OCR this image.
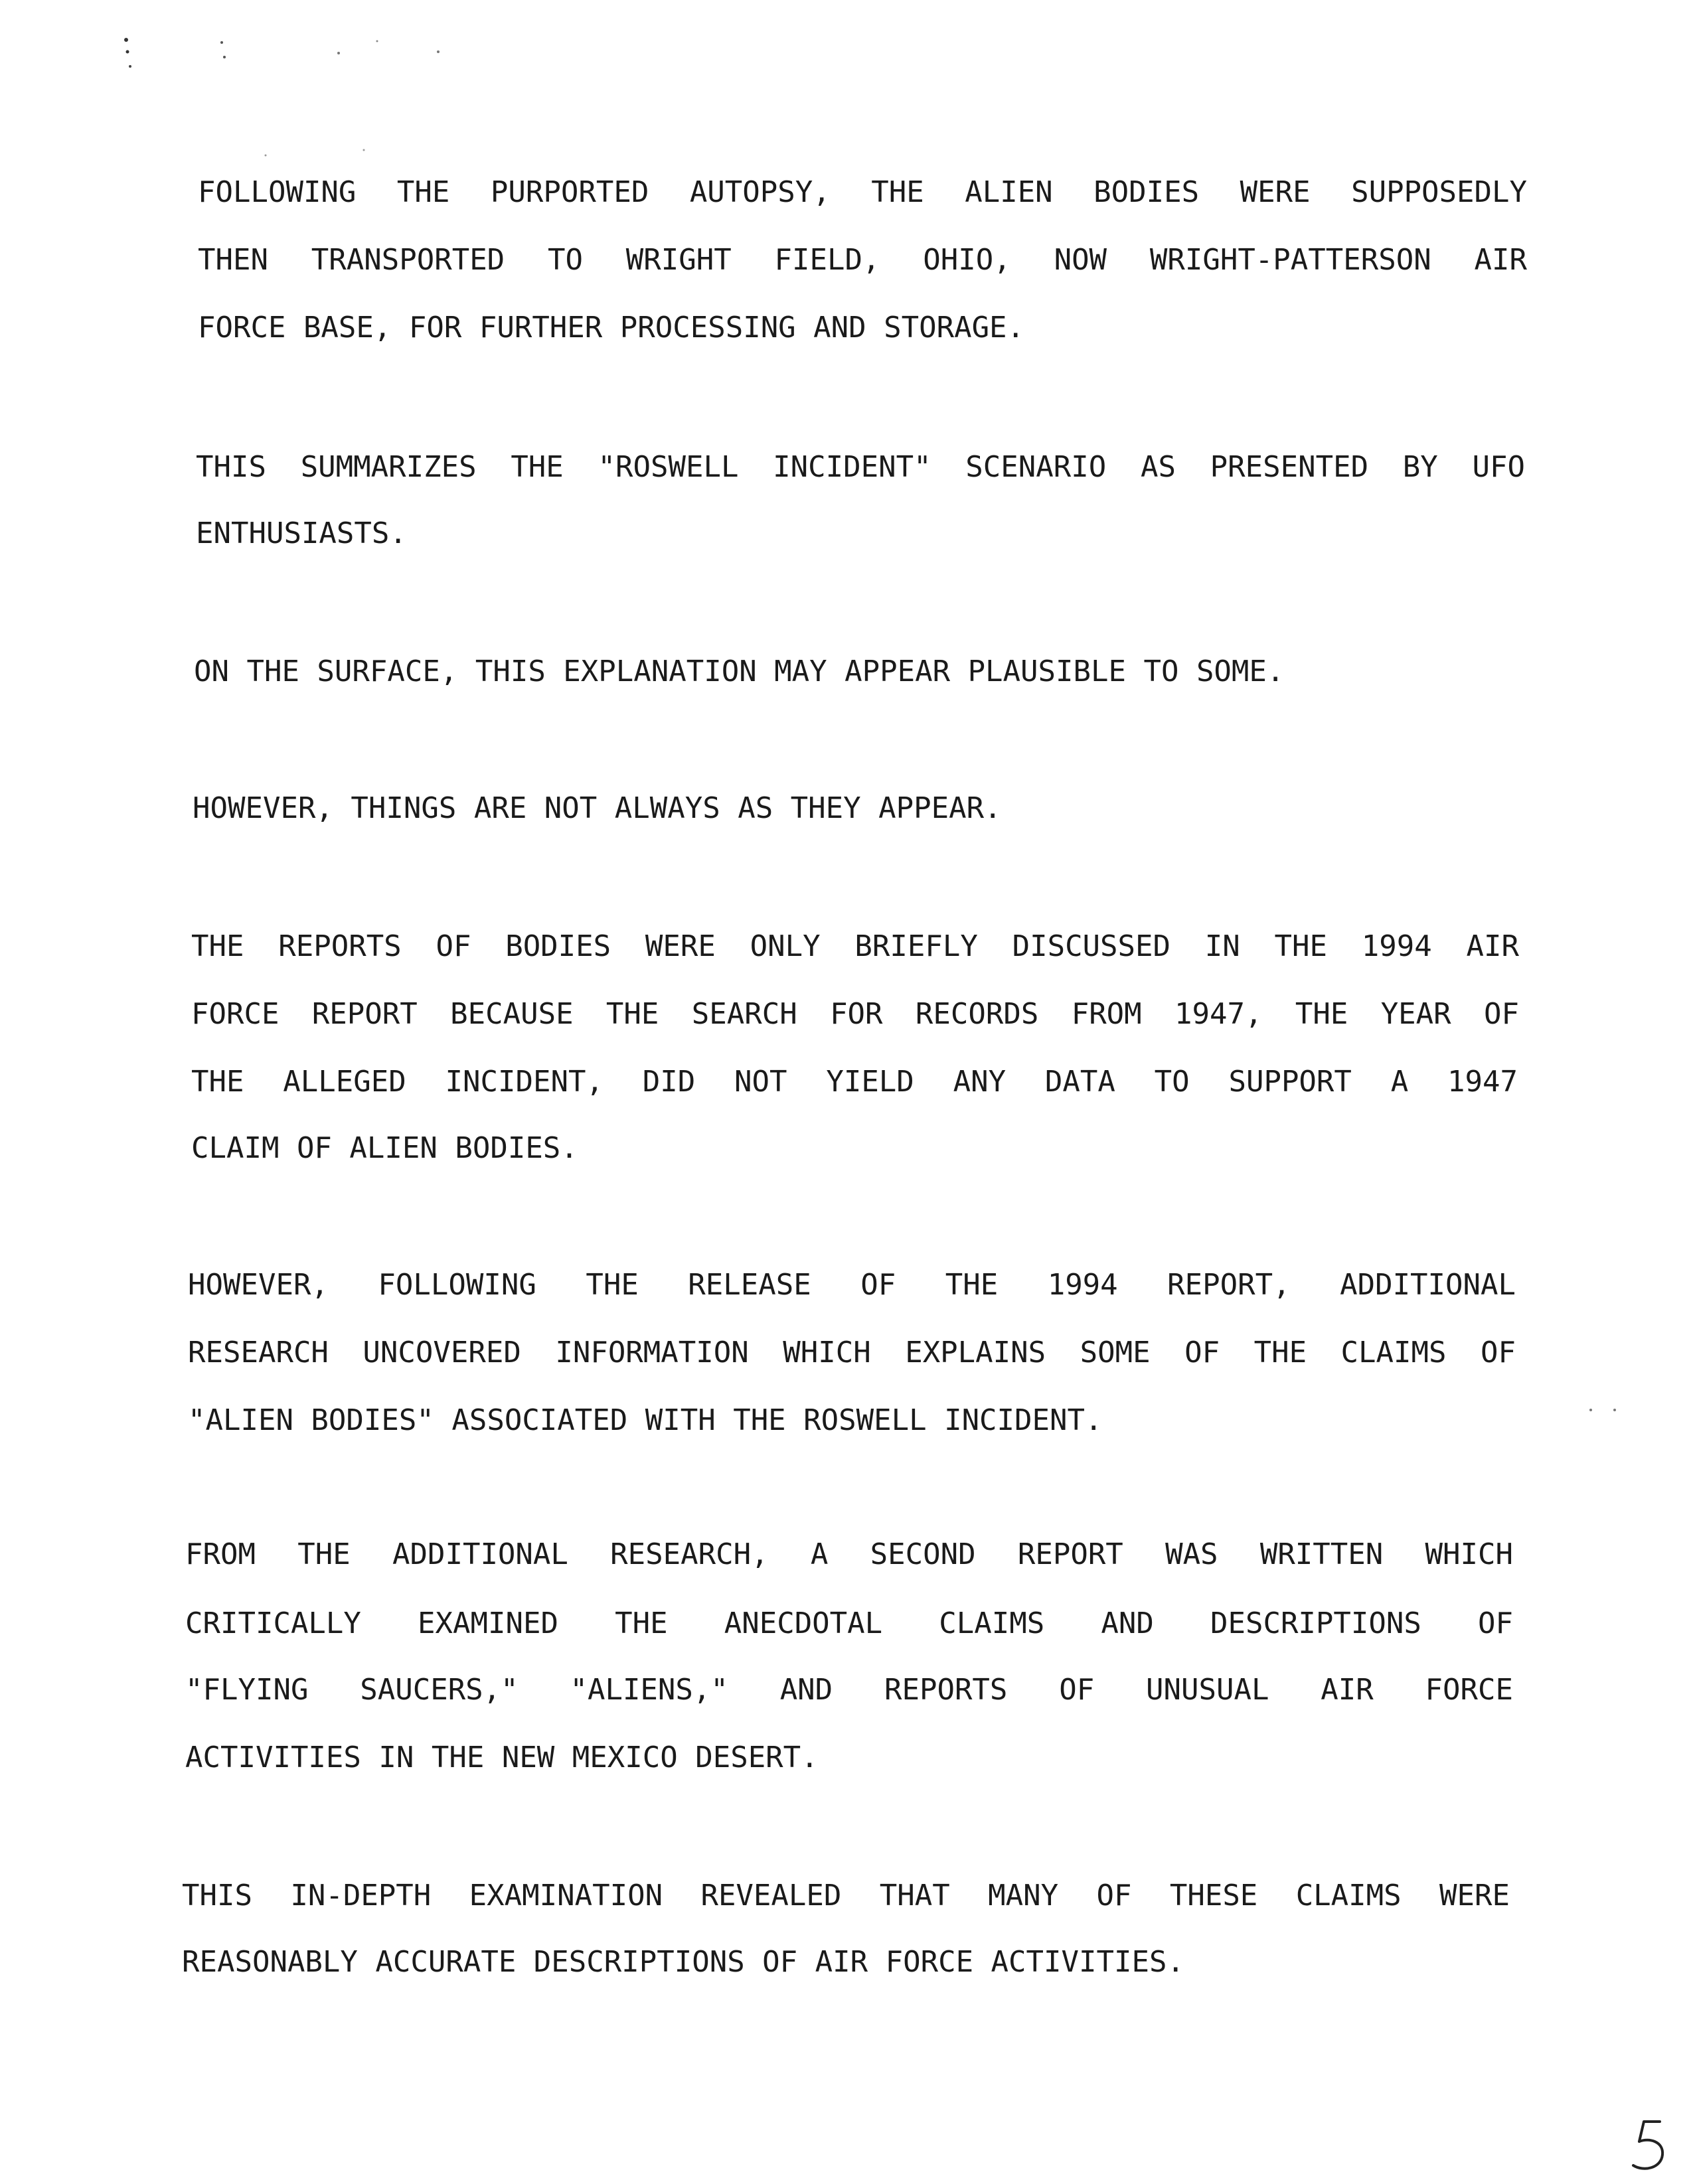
FOLLOWING THE PURPORTED AUTOPSY, THE ALIEN BODIES WERE SUPPOSEDLY
THEN TRANSPORTED TO WRIGHT FIELD, OHIO, NOW WRIGHT-PATTERSON AIR
FORCE BASE, FOR FURTHER PROCESSING AND STORAGE.
THIS SUMMARIZES THE "ROSWELL INCIDENT" SCENARIO AS PRESENTED BY UFO
ENTHUSIASTS.
ON THE SURFACE, THIS EXPLANATION MAY APPEAR PLAUSIBLE TO SOME.
HOWEVER, THINGS ARE NOT ALWAYS AS THEY APPEAR.
THE REPORTS OF BODIES WERE ONLY BRIEFLY DISCUSSED IN THE 1994 AIR
FORCE REPORT BECAUSE THE SEARCH FOR RECORDS FROM 1947, THE YEAR OF
THE ALLEGED INCIDENT, DID NOT YIELD ANY DATA TO SUPPORT A 1947
CLAIM OF ALIEN BODIES.
HOWEVER, FOLLOWING THE RELEASE OF THE 1994 REPORT, ADDITIONAL
RESEARCH UNCOVERED INFORMATION WHICH EXPLAINS SOME OF THE CLAIMS OF
"ALIEN BODIES" ASSOCIATED WITH THE ROSWELL INCIDENT.
FROM THE ADDITIONAL RESEARCH, A SECOND REPORT WAS WRITTEN WHICH
CRITICALLY EXAMINED THE ANECDOTAL CLAIMS AND DESCRIPTIONS OF
"FLYING SAUCERS," "ALIENS," AND REPORTS OF UNUSUAL AIR FORCE
ACTIVITIES IN THE NEW MEXICO DESERT.
THIS IN-DEPTH EXAMINATION REVEALED THAT MANY OF THESE CLAIMS WERE
REASONABLY ACCURATE DESCRIPTIONS OF AIR FORCE ACTIVITIES.
